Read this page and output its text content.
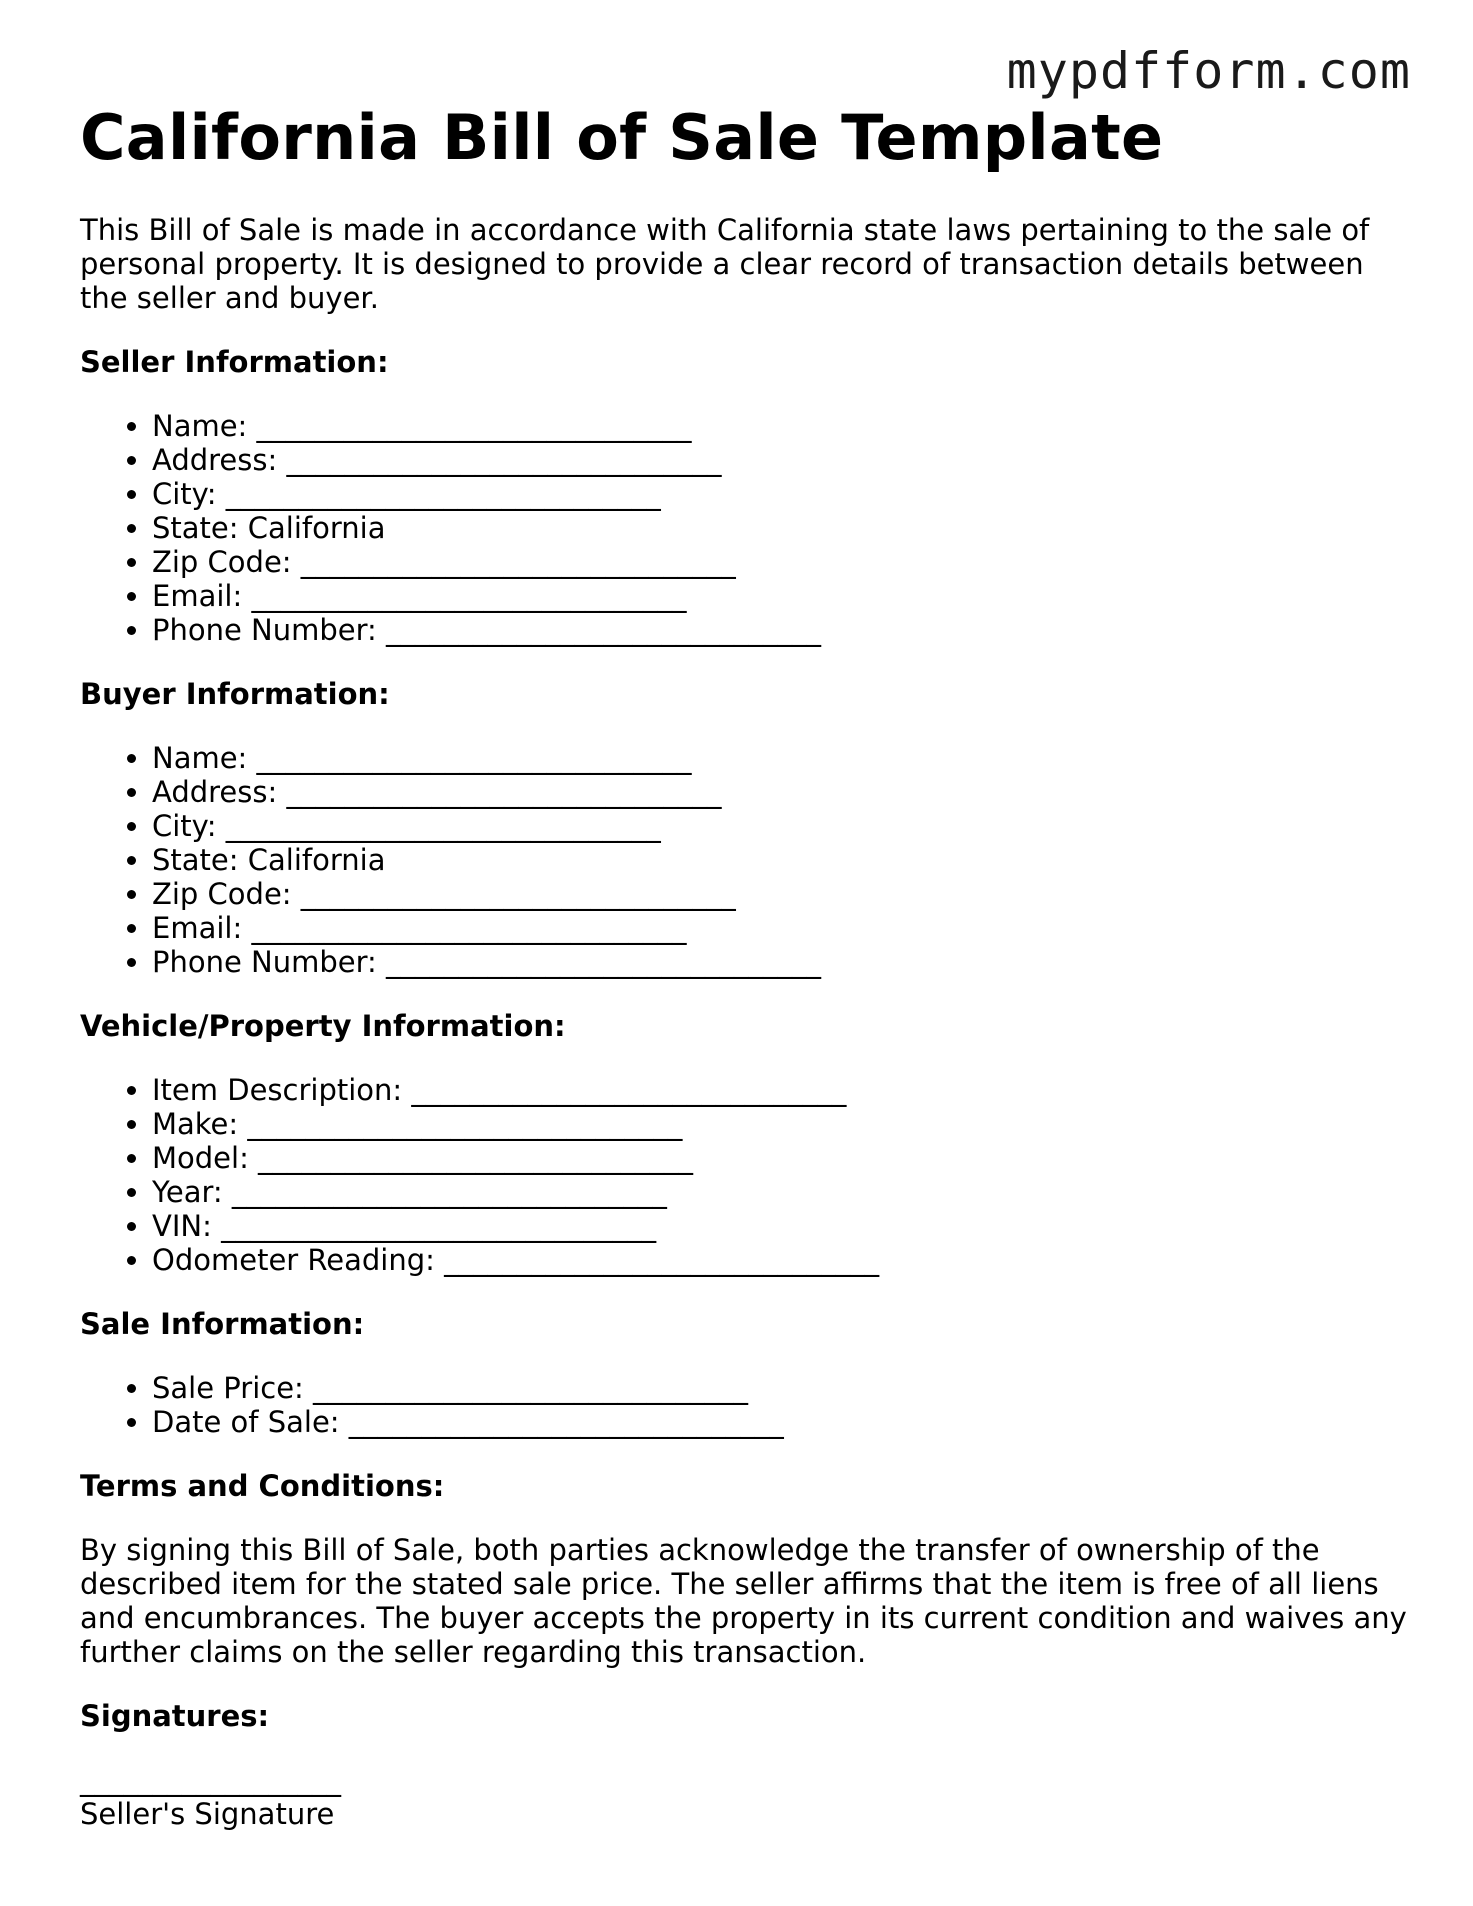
mypdfform.com
California Bill of Sale Template

This Bill of Sale is made in accordance with California state laws pertaining to the sale of personal property. It is designed to provide a clear record of transaction details between the seller and buyer.

Seller Information:
• Name: ______________________________
• Address: ______________________________
• City: ______________________________
• State: California
• Zip Code: ______________________________
• Email: ______________________________
• Phone Number: ______________________________
Buyer Information:
• Name: ______________________________
• Address: ______________________________
• City: ______________________________
• State: California
• Zip Code: ______________________________
• Email: ______________________________
• Phone Number: ______________________________
Vehicle/Property Information:
• Item Description: ______________________________
• Make: ______________________________
• Model: ______________________________
• Year: ______________________________
• VIN: ______________________________
• Odometer Reading: ______________________________
Sale Information:
• Sale Price: ______________________________
• Date of Sale: ______________________________
Terms and Conditions:

By signing this Bill of Sale, both parties acknowledge the transfer of ownership of the described item for the stated sale price. The seller affirms that the item is free of all liens and encumbrances. The buyer accepts the property in its current condition and waives any further claims on the seller regarding this transaction.

Signatures:
__________________
Seller's Signature
